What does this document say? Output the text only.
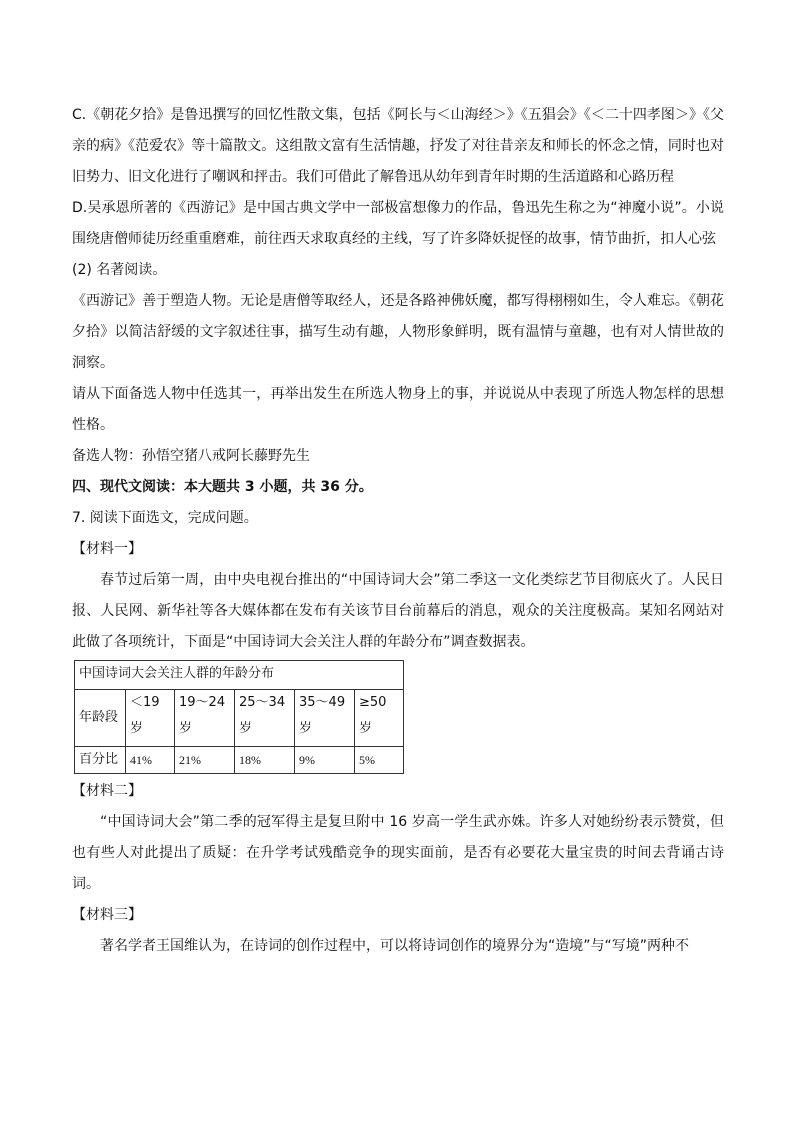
C.《朝花夕拾》是鲁迅撰写的回忆性散文集，包括《阿长与＜山海经＞》《五猖会》《＜二十四孝图＞》《父亲的病》《范爱农》等十篇散文。这组散文富有生活情趣，抒发了对往昔亲友和师长的怀念之情，同时也对旧势力、旧文化进行了嘲讽和抨击。我们可借此了解鲁迅从幼年到青年时期的生活道路和心路历程

D.吴承恩所著的《西游记》是中国古典文学中一部极富想像力的作品，鲁迅先生称之为“神魔小说”。小说围绕唐僧师徒历经重重磨难，前往西天求取真经的主线，写了许多降妖捉怪的故事，情节曲折，扣人心弦

(2) 名著阅读。

《西游记》善于塑造人物。无论是唐僧等取经人，还是各路神佛妖魔，都写得栩栩如生，令人难忘。《朝花夕拾》以简洁舒缓的文字叙述往事，描写生动有趣，人物形象鲜明，既有温情与童趣，也有对人情世故的洞察。

请从下面备选人物中任选其一，再举出发生在所选人物身上的事，并说说从中表现了所选人物怎样的思想性格。

备选人物：孙悟空猪八戒阿长藤野先生

四、现代文阅读：本大题共 3 小题，共 36 分。

7. 阅读下面选文，完成问题。

【材料一】

春节过后第一周，由中央电视台推出的“中国诗词大会”第二季这一文化类综艺节目彻底火了。人民日报、人民网、新华社等各大媒体都在发布有关该节目台前幕后的消息，观众的关注度极高。某知名网站对此做了各项统计，下面是“中国诗词大会关注人群的年龄分布”调查数据表。

中国诗词大会关注人群的年龄分布					
年龄段	＜19岁	19～24岁	25～34岁	35～49岁	≥50岁
百分比	41%	21%	18%	9%	5%

【材料二】

“中国诗词大会”第二季的冠军得主是复旦附中 16 岁高一学生武亦姝。许多人对她纷纷表示赞赏，但也有些人对此提出了质疑：在升学考试残酷竞争的现实面前，是否有必要花大量宝贵的时间去背诵古诗词。

【材料三】

著名学者王国维认为，在诗词的创作过程中，可以将诗词创作的境界分为“造境”与“写境”两种不
